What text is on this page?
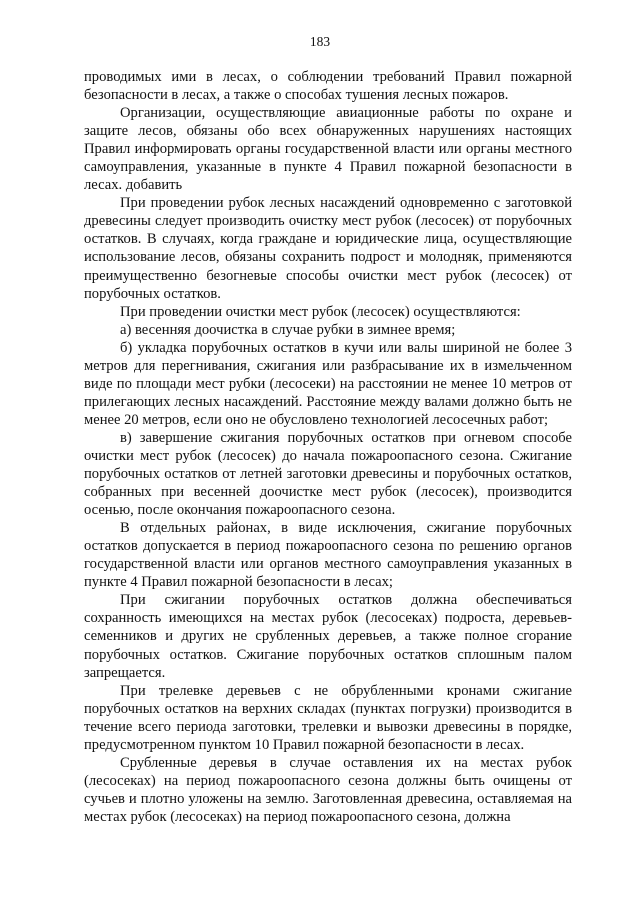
183

проводимых ими в лесах, о соблюдении требований Правил пожарной безопасности в лесах, а также о способах тушения лесных пожаров.

Организации, осуществляющие авиационные работы по охране и защите лесов, обязаны обо всех обнаруженных нарушениях настоящих Правил информировать органы государственной власти или органы местного самоуправления, указанные в пункте 4 Правил пожарной безопасности в лесах. добавить

При проведении рубок лесных насаждений одновременно с заготовкой древесины следует производить очистку мест рубок (лесосек) от порубочных остатков. В случаях, когда граждане и юридические лица, осуществляющие использование лесов, обязаны сохранить подрост и молодняк, применяются преимущественно безогневые способы очистки мест рубок (лесосек) от порубочных остатков.

При проведении очистки мест рубок (лесосек) осуществляются:

а) весенняя доочистка в случае рубки в зимнее время;

б) укладка порубочных остатков в кучи или валы шириной не более 3 метров для перегнивания, сжигания или разбрасывание их в измельченном виде по площади мест рубки (лесосеки) на расстоянии не менее 10 метров от прилегающих лесных насаждений. Расстояние между валами должно быть не менее 20 метров, если оно не обусловлено технологией лесосечных работ;

в) завершение сжигания порубочных остатков при огневом способе очистки мест рубок (лесосек) до начала пожароопасного сезона. Сжигание порубочных остатков от летней заготовки древесины и порубочных остатков, собранных при весенней доочистке мест рубок (лесосек), производится осенью, после окончания пожароопасного сезона.

В отдельных районах, в виде исключения, сжигание порубочных остатков допускается в период пожароопасного сезона по решению органов государственной власти или органов местного самоуправления указанных в пункте 4 Правил пожарной безопасности в лесах;

При сжигании порубочных остатков должна обеспечиваться сохранность имеющихся на местах рубок (лесосеках) подроста, деревьев-семенников и других не срубленных деревьев, а также полное сгорание порубочных остатков. Сжигание порубочных остатков сплошным палом запрещается.

При трелевке деревьев с не обрубленными кронами сжигание порубочных остатков на верхних складах (пунктах погрузки) производится в течение всего периода заготовки, трелевки и вывозки древесины в порядке, предусмотренном пунктом 10 Правил пожарной безопасности в лесах.

Срубленные деревья в случае оставления их на местах рубок (лесосеках) на период пожароопасного сезона должны быть очищены от сучьев и плотно уложены на землю. Заготовленная древесина, оставляемая на местах рубок (лесосеках) на период пожароопасного сезона, должна
